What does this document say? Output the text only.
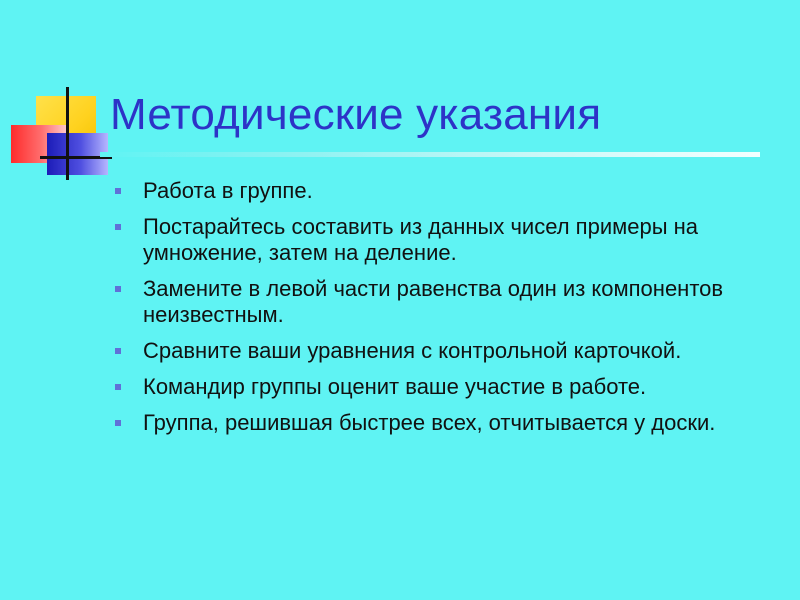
Методические указания
Работа в группе.
Постарайтесь составить из данных чисел примеры на умножение, затем на деление.
Замените в левой части равенства один из компонентов неизвестным.
Сравните ваши уравнения с контрольной карточкой.
Командир группы оценит ваше участие в работе.
Группа, решившая быстрее всех, отчитывается у доски.
